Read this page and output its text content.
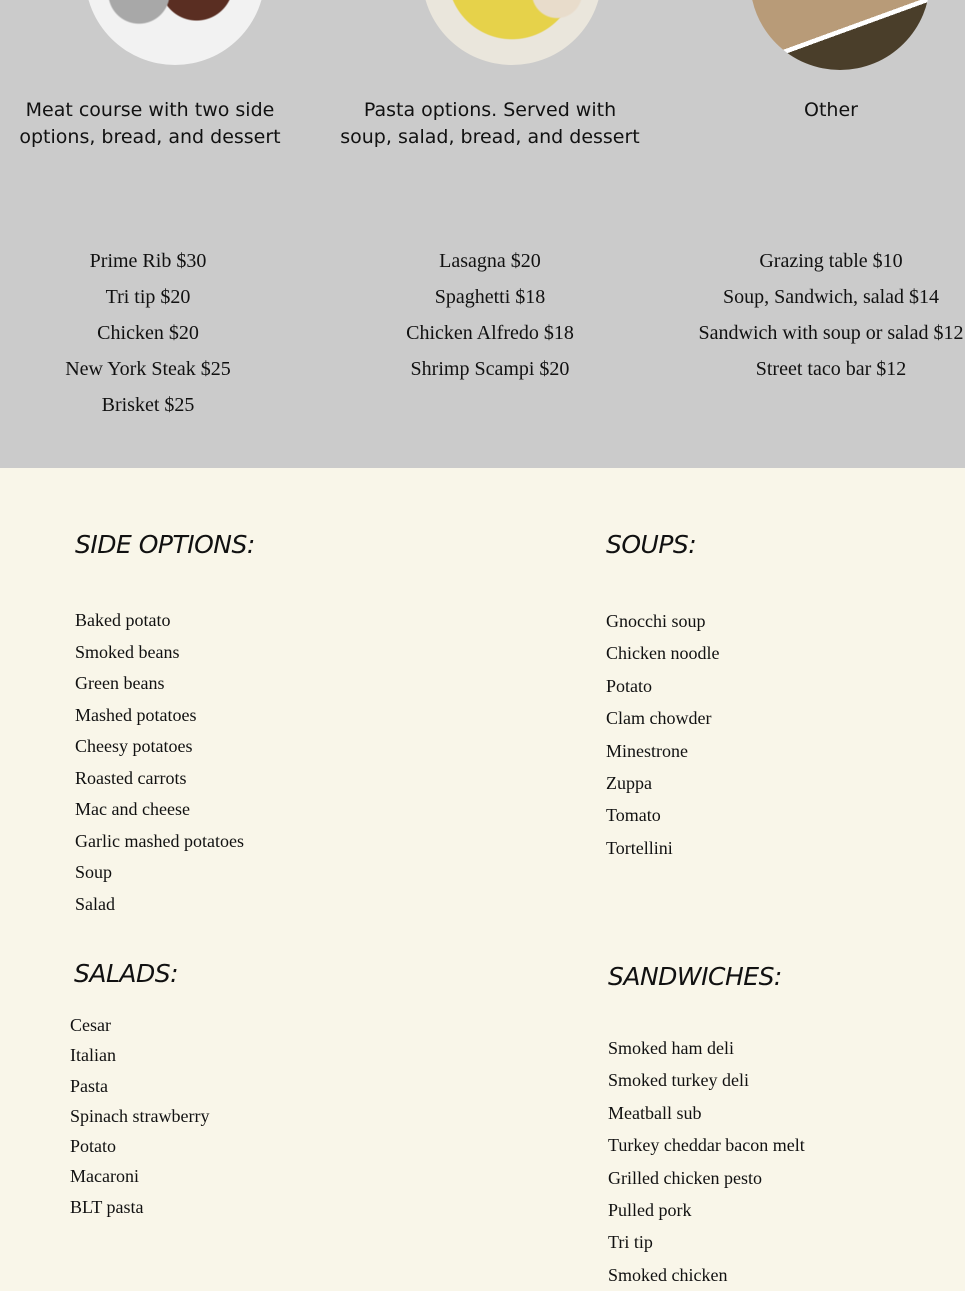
Meat course with two side options, bread, and dessert
Pasta options. Served with soup, salad, bread, and dessert
Other
Prime Rib $30
Tri tip $20
Chicken $20
New York Steak $25
Brisket $25
Lasagna $20
Spaghetti $18
Chicken Alfredo $18
Shrimp Scampi $20
Grazing table $10
Soup, Sandwich, salad $14
Sandwich with soup or salad $12
Street taco bar $12
SIDE OPTIONS:
Baked potato
Smoked beans
Green beans
Mashed potatoes
Cheesy potatoes
Roasted carrots
Mac and cheese
Garlic mashed potatoes
Soup
Salad
SOUPS:
Gnocchi soup
Chicken noodle
Potato
Clam chowder
Minestrone
Zuppa
Tomato
Tortellini
SALADS:
Cesar
Italian
Pasta
Spinach strawberry
Potato
Macaroni
BLT pasta
SANDWICHES:
Smoked ham deli
Smoked turkey deli
Meatball sub
Turkey cheddar bacon melt
Grilled chicken pesto
Pulled pork
Tri tip
Smoked chicken
